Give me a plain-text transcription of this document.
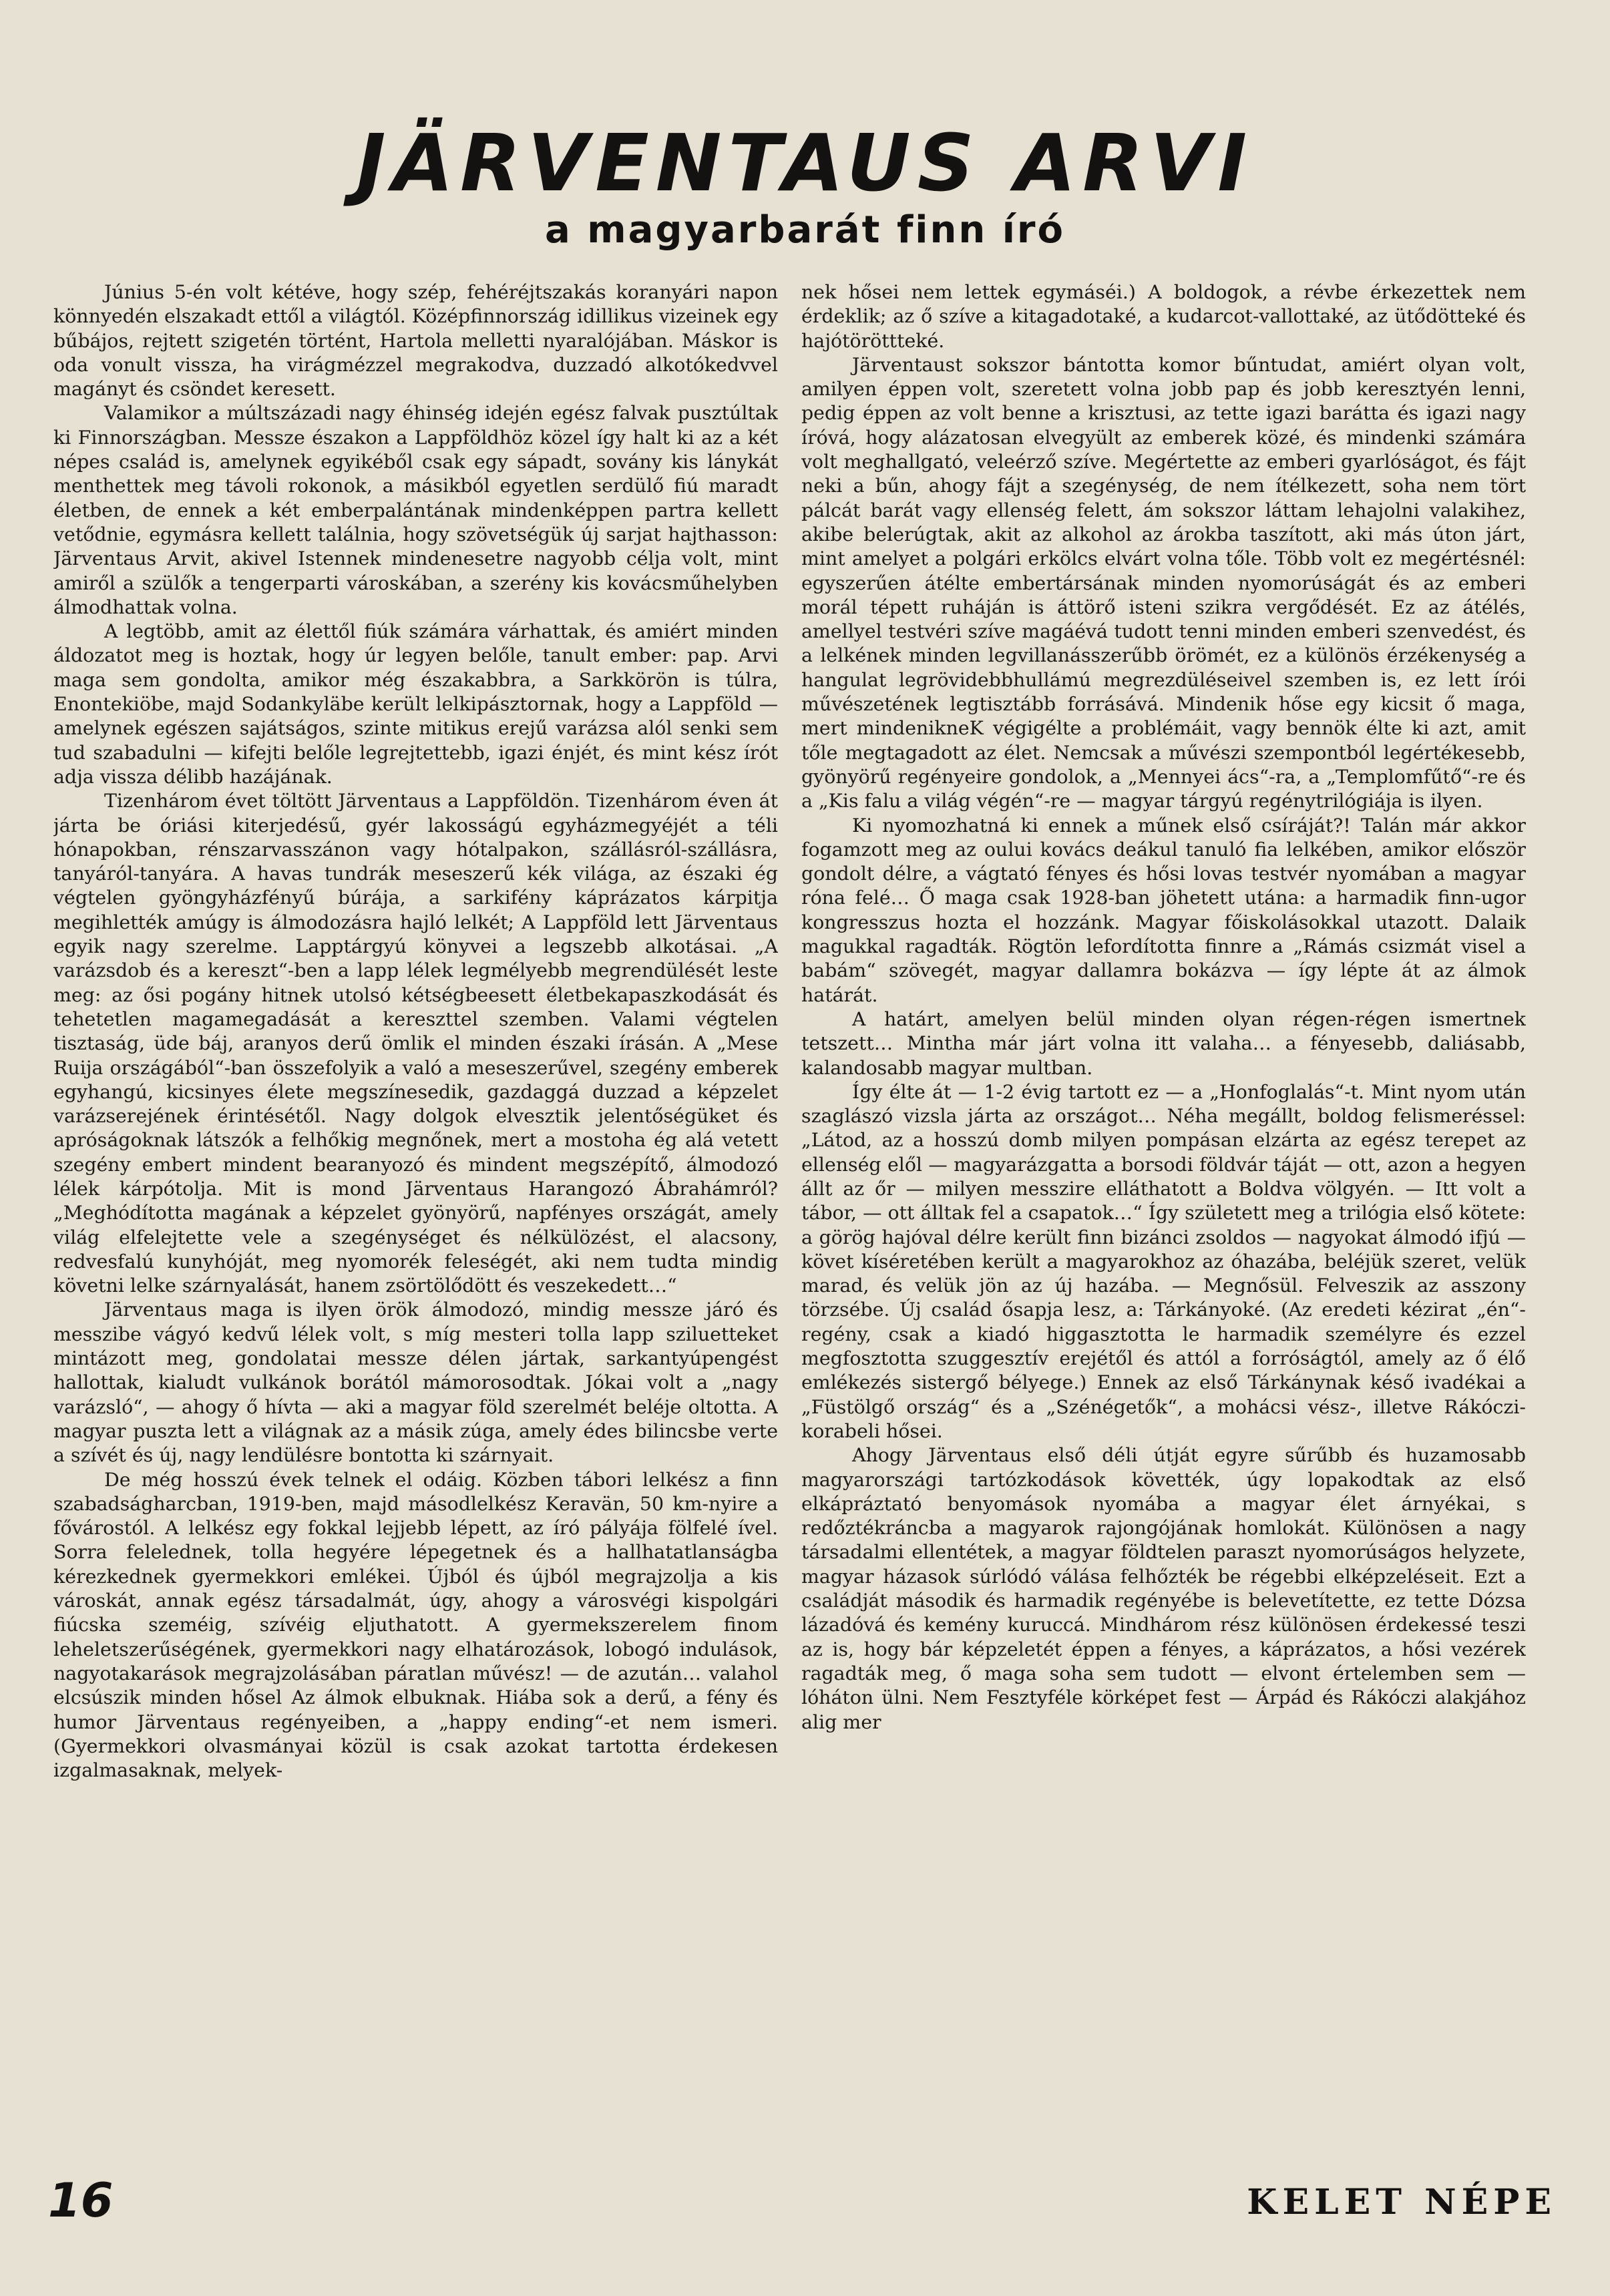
JÄRVENTAUS ARVI
a magyarbarát finn író

Június 5-én volt kétéve, hogy szép, fehéréjtszakás koranyári napon könnyedén elszakadt ettől a világtól. Középfinnország idillikus vizeinek egy bűbájos, rejtett szigetén történt, Hartola melletti nyaralójában. Máskor is oda vonult vissza, ha virágmézzel megrakodva, duzzadó alkotókedvvel magányt és csöndet keresett.

Valamikor a múltszázadi nagy éhinség idején egész falvak pusztúltak ki Finnországban. Messze északon a Lappföldhöz közel így halt ki az a két népes család is, amelynek egyikéből csak egy sápadt, sovány kis lánykát menthettek meg távoli rokonok, a másikból egyetlen serdülő fiú maradt életben, de ennek a két emberpalántának mindenképpen partra kellett vetődnie, egymásra kellett találnia, hogy szövetségük új sarjat hajthasson: Järventaus Arvit, akivel Istennek mindenesetre nagyobb célja volt, mint amiről a szülők a tengerparti városkában, a szerény kis kovácsműhelyben álmodhattak volna.

A legtöbb, amit az élettől fiúk számára várhattak, és amiért minden áldozatot meg is hoztak, hogy úr legyen belőle, tanult ember: pap. Arvi maga sem gondolta, amikor még északabbra, a Sarkkörön is túlra, Enontekiöbe, majd Sodankyläbe került lelkipásztornak, hogy a Lappföld — amelynek egészen sajátságos, szinte mitikus erejű varázsa alól senki sem tud szabadulni — kifejti belőle legrejtettebb, igazi énjét, és mint kész írót adja vissza délibb hazájának.

Tizenhárom évet töltött Järventaus a Lappföldön. Tizenhárom éven át járta be óriási kiterjedésű, gyér lakosságú egyházmegyéjét a téli hónapokban, rénszarvasszánon vagy hótalpakon, szállásról-szállásra, tanyáról-tanyára. A havas tundrák meseszerű kék világa, az északi ég végtelen gyöngyházfényű búrája, a sarkifény káprázatos kárpitja megihlették amúgy is álmodozásra hajló lelkét; A Lappföld lett Järventaus egyik nagy szerelme. Lapptárgyú könyvei a legszebb alkotásai. „A varázsdob és a kereszt“-ben a lapp lélek legmélyebb megrendülését leste meg: az ősi pogány hitnek utolsó kétségbeesett életbekapaszkodását és tehetetlen magamegadását a kereszttel szemben. Valami végtelen tisztaság, üde báj, aranyos derű ömlik el minden északi írásán. A „Mese Ruija országából“-ban összefolyik a való a meseszerűvel, szegény emberek egyhangú, kicsinyes élete megszínesedik, gazdaggá duzzad a képzelet varázserejének érintésétől. Nagy dolgok elvesztik jelentőségüket és apróságoknak látszók a felhőkig megnőnek, mert a mostoha ég alá vetett szegény embert mindent bearanyozó és mindent megszépítő, álmodozó lélek kárpótolja. Mit is mond Järventaus Harangozó Ábrahámról? „Meghódította magának a képzelet gyönyörű, napfényes országát, amely világ elfelejtette vele a szegénységet és nélkülözést, el alacsony, redvesfalú kunyhóját, meg nyomorék feleségét, aki nem tudta mindig követni lelke szárnyalását, hanem zsörtölődött és veszekedett…“

Järventaus maga is ilyen örök álmodozó, mindig messze járó és messzibe vágyó kedvű lélek volt, s míg mesteri tolla lapp sziluetteket mintázott meg, gondolatai messze délen jártak, sarkantyúpengést hallottak, kialudt vulkánok borától mámorosodtak. Jókai volt a „nagy varázsló“, — ahogy ő hívta — aki a magyar föld szerelmét beléje oltotta. A magyar puszta lett a világnak az a másik zúga, amely édes bilincsbe verte a szívét és új, nagy lendülésre bontotta ki szárnyait.

De még hosszú évek telnek el odáig. Közben tábori lelkész a finn szabadságharcban, 1919-ben, majd másodlelkész Keravän, 50 km-nyire a fővárostól. A lelkész egy fokkal lejjebb lépett, az író pályája fölfelé ível. Sorra felelednek, tolla hegyére lépegetnek és a hallhatatlanságba kérezkednek gyermekkori emlékei. Újból és újból megrajzolja a kis városkát, annak egész társadalmát, úgy, ahogy a városvégi kispolgári fiúcska szeméig, szívéig eljuthatott. A gyermekszerelem finom leheletszerűségének, gyermekkori nagy elhatározások, lobogó indulások, nagyotakarások megrajzolásában páratlan művész! — de azután… valahol elcsúszik minden hősel Az álmok elbuknak. Hiába sok a derű, a fény és humor Järventaus regényeiben, a „happy ending“-et nem ismeri. (Gyermekkori olvasmányai közül is csak azokat tartotta érdekesen izgalmasaknak, melyek-

nek hősei nem lettek egymáséi.) A boldogok, a révbe érkezettek nem érdeklik; az ő szíve a kitagadotaké, a kudarcot-vallottaké, az ütődötteké és hajótöröttteké.

Järventaust sokszor bántotta komor bűntudat, amiért olyan volt, amilyen éppen volt, szeretett volna jobb pap és jobb keresztyén lenni, pedig éppen az volt benne a krisztusi, az tette igazi barátta és igazi nagy íróvá, hogy alázatosan elvegyült az emberek közé, és mindenki számára volt meghallgató, veleérző szíve. Megértette az emberi gyarlóságot, és fájt neki a bűn, ahogy fájt a szegénység, de nem ítélkezett, soha nem tört pálcát barát vagy ellenség felett, ám sokszor láttam lehajolni valakihez, akibe belerúgtak, akit az alkohol az árokba taszított, aki más úton járt, mint amelyet a polgári erkölcs elvárt volna tőle. Több volt ez megértésnél: egyszerűen átélte embertársának minden nyomorúságát és az emberi morál tépett ruháján is áttörő isteni szikra vergődését. Ez az átélés, amellyel testvéri szíve magáévá tudott tenni minden emberi szenvedést, és a lelkének minden legvillanásszerűbb örömét, ez a különös érzékenység a hangulat legrövidebbhullámú megrezdüléseivel szemben is, ez lett írói művészetének legtisztább forrásává. Mindenik hőse egy kicsit ő maga, mert mindenikneK végigélte a problémáit, vagy bennök élte ki azt, amit tőle megtagadott az élet. Nemcsak a művészi szempontból legértékesebb, gyönyörű regényeire gondolok, a „Mennyei ács“-ra, a „Templomfűtő“-re és a „Kis falu a világ végén“-re — magyar tárgyú regénytrilógiája is ilyen.

Ki nyomozhatná ki ennek a műnek első csíráját?! Talán már akkor fogamzott meg az oului kovács deákul tanuló fia lelkében, amikor először gondolt délre, a vágtató fényes és hősi lovas testvér nyomában a magyar róna felé… Ő maga csak 1928-ban jöhetett utána: a harmadik finn-ugor kongresszus hozta el hozzánk. Magyar főiskolásokkal utazott. Dalaik magukkal ragadták. Rögtön lefordította finnre a „Rámás csizmát visel a babám“ szövegét, magyar dallamra bokázva — így lépte át az álmok határát.

A határt, amelyen belül minden olyan régen-régen ismertnek tetszett… Mintha már járt volna itt valaha… a fényesebb, daliásabb, kalandosabb magyar multban.

Így élte át — 1-2 évig tartott ez — a „Honfoglalás“-t. Mint nyom után szaglászó vizsla járta az országot… Néha megállt, boldog felismeréssel: „Látod, az a hosszú domb milyen pompásan elzárta az egész terepet az ellenség elől — magyarázgatta a borsodi földvár táját — ott, azon a hegyen állt az őr — milyen messzire elláthatott a Boldva völgyén. — Itt volt a tábor, — ott álltak fel a csapatok…“ Így született meg a trilógia első kötete: a görög hajóval délre került finn bizánci zsoldos — nagyokat álmodó ifjú — követ kíséretében került a magyarokhoz az óhazába, beléjük szeret, velük marad, és velük jön az új hazába. — Megnősül. Felveszik az asszony törzsébe. Új család ősapja lesz, a: Tárkányoké. (Az eredeti kézirat „én“-regény, csak a kiadó higgasztotta le harmadik személyre és ezzel megfosztotta szuggesztív erejétől és attól a forróságtól, amely az ő élő emlékezés sistergő bélyege.) Ennek az első Tárkánynak késő ivadékai a „Füstölgő ország“ és a „Szénégetők“, a mohácsi vész-, illetve Rákóczi-korabeli hősei.

Ahogy Järventaus első déli útját egyre sűrűbb és huzamosabb magyarországi tartózkodások követték, úgy lopakodtak az első elkápráztató benyomások nyomába a magyar élet árnyékai, s redőztékráncba a magyarok rajongójának homlokát. Különösen a nagy társadalmi ellentétek, a magyar földtelen paraszt nyomorúságos helyzete, magyar házasok súrlódó válása felhőzték be régebbi elképzeléseit. Ezt a családját második és harmadik regényébe is belevetítette, ez tette Dózsa lázadóvá és kemény kuruccá. Mindhárom rész különösen érdekessé teszi az is, hogy bár képzeletét éppen a fényes, a káprázatos, a hősi vezérek ragadták meg, ő maga soha sem tudott — elvont értelemben sem — lóháton ülni. Nem Fesztyféle körképet fest — Árpád és Rákóczi alakjához alig mer

16	KELET NÉPE
